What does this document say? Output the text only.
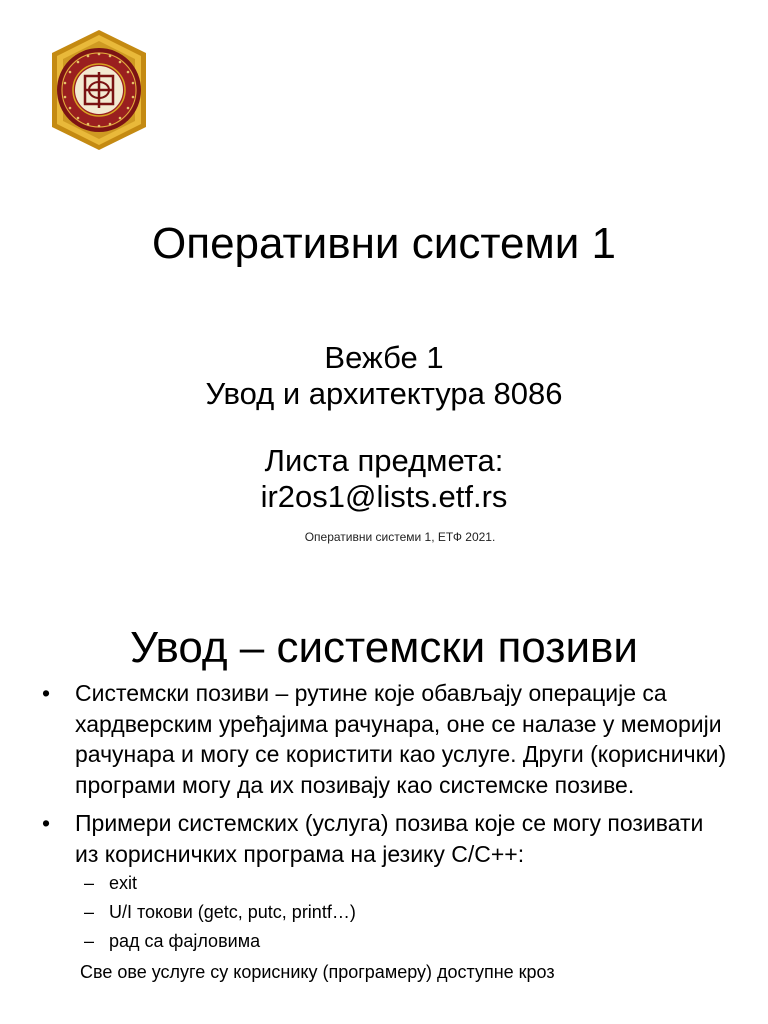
Оперативни системи 1
Вежбе 1
Увод и архитектура 8086
Листа предмета:
ir2os1@lists.etf.rs
Оперативни системи 1, ЕТФ 2021.
Увод – системски позиви
• Системски позиви – рутине које обављају операције са хардверским уређајима рачунара, оне се налазе у меморији рачунара и могу се користити као услуге. Други (кориснички) програми могу да их позивају као системске позиве.
• Примери системских (услуга) позива које се могу позивати из корисничких програма на језику C/C++:
– exit
– U/I токови (getc, putc, printf…)
– рад са фајловима
Све ове услуге су кориснику (програмеру) доступне кроз
